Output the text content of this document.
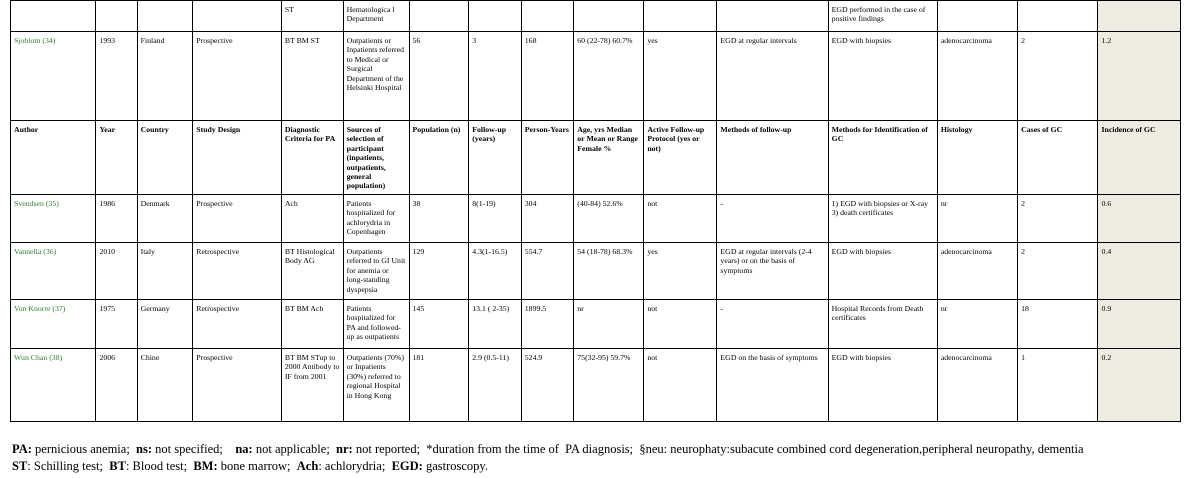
				ST	Hematologica l Department							EGD performed in the case of positive findings			
Sjoblom (34)	1993	Finland	Prospective	BT BM ST	Outpatients or Inpatients referred to Medical or Surgical Department of the Helsinki Hospital	56	3	168	60 (22-78) 60.7%	yes	EGD at regular intervals	EGD with biopsies	adenocarcinoma	2	1.2
Author	Year	Country	Study Design	Diagnostic Criteria for PA	Sources of selection of participant (inpatients, outpatients, general population)	Population (n)	Follow-up (years)	Person-Years	Age, yrs Median or Mean or Range Female %	Active Follow-up Protocol (yes or not)	Methods of follow-up	Methods for Identification of GC	Histology	Cases of GC	Incidence of GC
Svendsen (35)	1986	Denmark	Prospective	Ach	Patients hospitalized for achlorydria in Copenhagen	38	8(1-19)	304	(40-84) 52.6%	not	-	1) EGD with biopsies or X-ray 3) death certificates	nr	2	0.6
Vannella (36)	2010	Italy	Retrospective	BT Histological Body AG	Outpatients referred to GI Unit for anemia or long-standing dyspepsia	129	4.3(1-16.5)	554.7	54 (18-78) 68.3%	yes	EGD at regular intervals (2-4 years) or on the basis of symptoms	EGD with biopsies	adenocarcinoma	2	0.4
Von Knorre (37)	1975	Germany	Retrospective	BT BM Ach	Patients hospitalized for PA and followed-up as outpatients	145	13.1 ( 2-35)	1899.5	nr	not	-	Hospital Records from Death certificates	nr	18	0.9
Wun Chan (38)	2006	Chine	Prospective	BT BM STup to 2000 Antibody to IF from 2001	Outpatients (70%) or Inpatients (30%) referred to regional Hospital in Hong Kong	181	2.9 (0.5-11)	524.9	75(32-95) 59.7%	not	EGD on the basis of symptoms	EGD with biopsies	adenocarcinoma	1	0.2
PA: pernicious anemia;  ns: not specified;    na: not applicable;  nr: not reported;  *duration from the time of  PA diagnosis;  §neu: neurophaty:subacute combined cord degeneration,peripheral neuropathy, dementia
ST: Schilling test;  BT: Blood test;  BM: bone marrow;  Ach: achlorydria;  EGD: gastroscopy.
